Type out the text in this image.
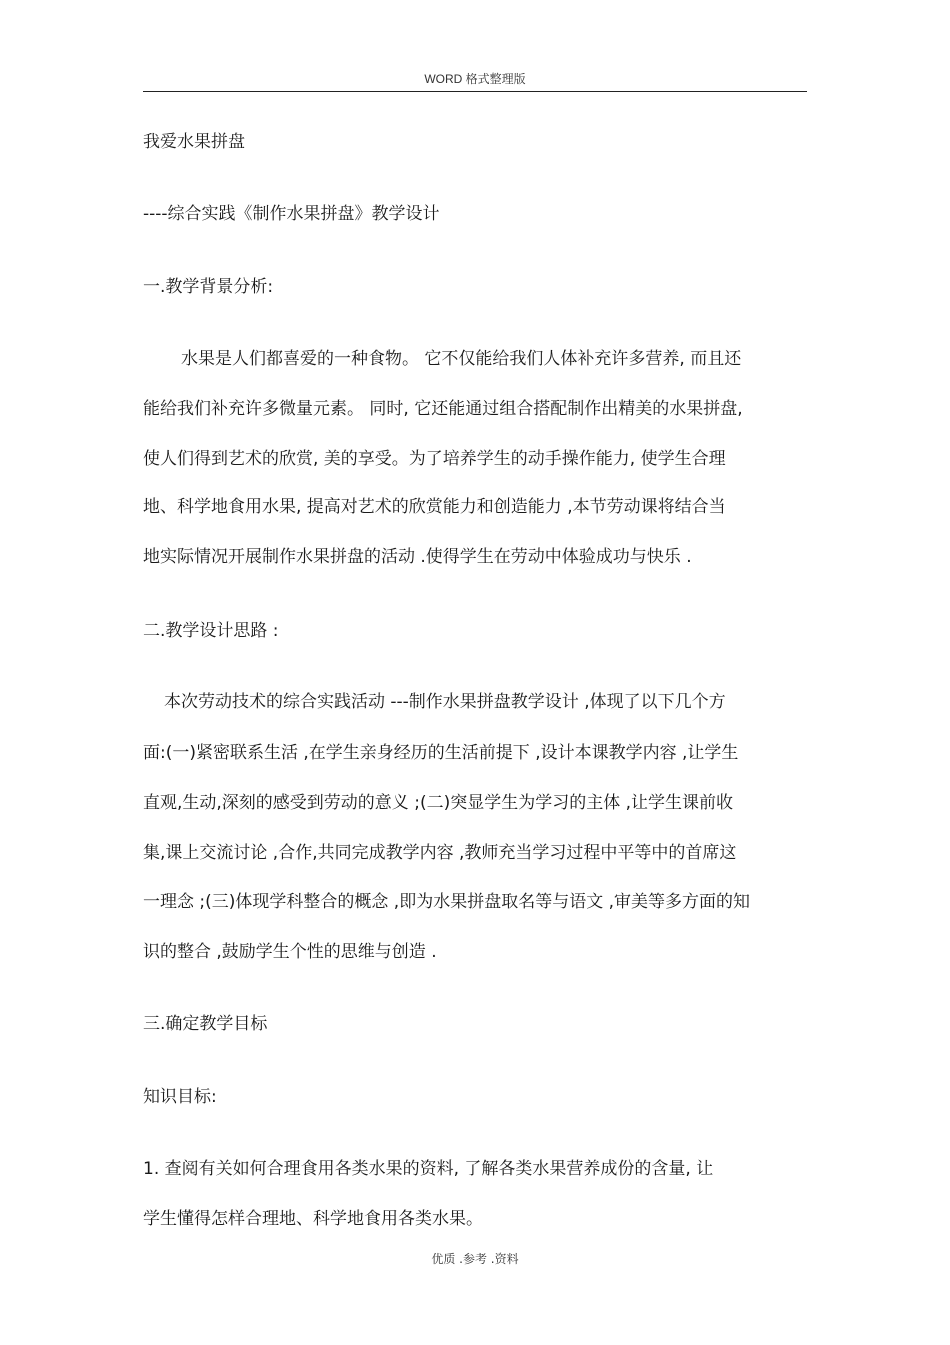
WORD 格式整理版
我爱水果拼盘
----综合实践《制作水果拼盘》教学设计
一.教学背景分析:
水果是人们都喜爱的一种食物。 它不仅能给我们人体补充许多营养, 而且还
能给我们补充许多微量元素。 同时, 它还能通过组合搭配制作出精美的水果拼盘,
使人们得到艺术的欣赏, 美的享受。为了培养学生的动手操作能力, 使学生合理
地、科学地食用水果, 提高对艺术的欣赏能力和创造能力 ,本节劳动课将结合当
地实际情况开展制作水果拼盘的活动 .使得学生在劳动中体验成功与快乐 .
二.教学设计思路 :
本次劳动技术的综合实践活动 ---制作水果拼盘教学设计 ,体现了以下几个方
面:(一)紧密联系生活 ,在学生亲身经历的生活前提下 ,设计本课教学内容 ,让学生
直观,生动,深刻的感受到劳动的意义 ;(二)突显学生为学习的主体 ,让学生课前收
集,课上交流讨论 ,合作,共同完成教学内容 ,教师充当学习过程中平等中的首席这
一理念 ;(三)体现学科整合的概念 ,即为水果拼盘取名等与语文 ,审美等多方面的知
识的整合 ,鼓励学生个性的思维与创造 .
三.确定教学目标
知识目标:
1. 查阅有关如何合理食用各类水果的资料, 了解各类水果营养成份的含量, 让
学生懂得怎样合理地、科学地食用各类水果。
优质 .参考 .资料
